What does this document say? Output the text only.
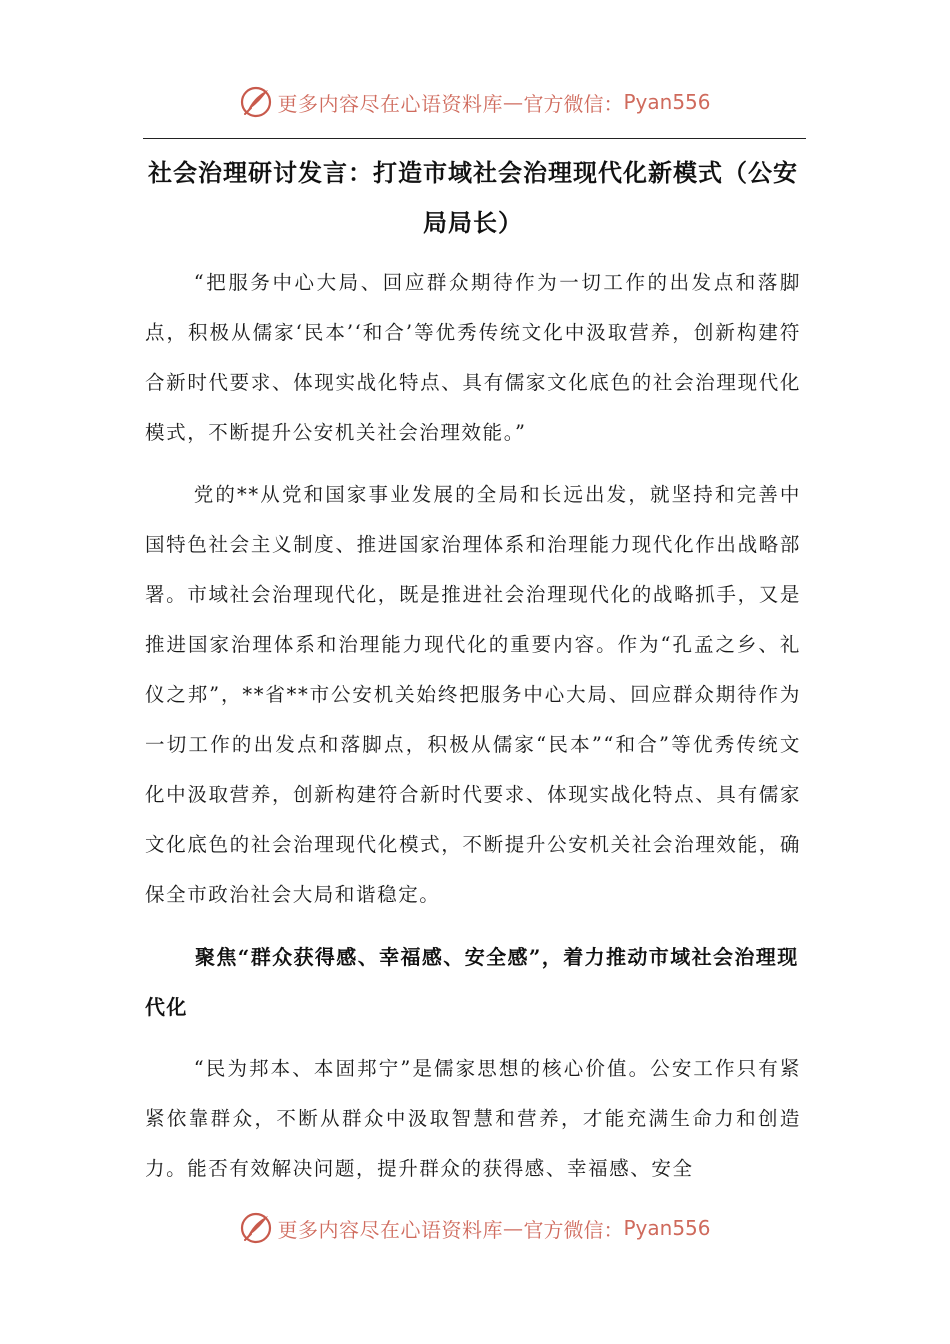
更多内容尽在心语资料库 — 官方微信： Pyan556
社会治理研讨发言：打造市域社会治理现代化新模式（公安局局长）

“把服务中心大局、回应群众期待作为一切工作的出发点和落脚点，积极从儒家‘民本’‘和合’等优秀传统文化中汲取营养，创新构建符合新时代要求、体现实战化特点、具有儒家文化底色的社会治理现代化模式，不断提升公安机关社会治理效能。”

党的**从党和国家事业发展的全局和长远出发，就坚持和完善中国特色社会主义制度、推进国家治理体系和治理能力现代化作出战略部署。市域社会治理现代化，既是推进社会治理现代化的战略抓手，又是推进国家治理体系和治理能力现代化的重要内容。作为“孔孟之乡、礼仪之邦”，**省**市公安机关始终把服务中心大局、回应群众期待作为一切工作的出发点和落脚点，积极从儒家“民本”“和合”等优秀传统文化中汲取营养，创新构建符合新时代要求、体现实战化特点、具有儒家文化底色的社会治理现代化模式，不断提升公安机关社会治理效能，确保全市政治社会大局和谐稳定。

聚焦“群众获得感、幸福感、安全感”，着力推动市域社会治理现代化

“民为邦本、本固邦宁”是儒家思想的核心价值。公安工作只有紧紧依靠群众，不断从群众中汲取智慧和营养，才能充满生命力和创造力。能否有效解决问题，提升群众的获得感、幸福感、安全

更多内容尽在心语资料库 — 官方微信： Pyan556
